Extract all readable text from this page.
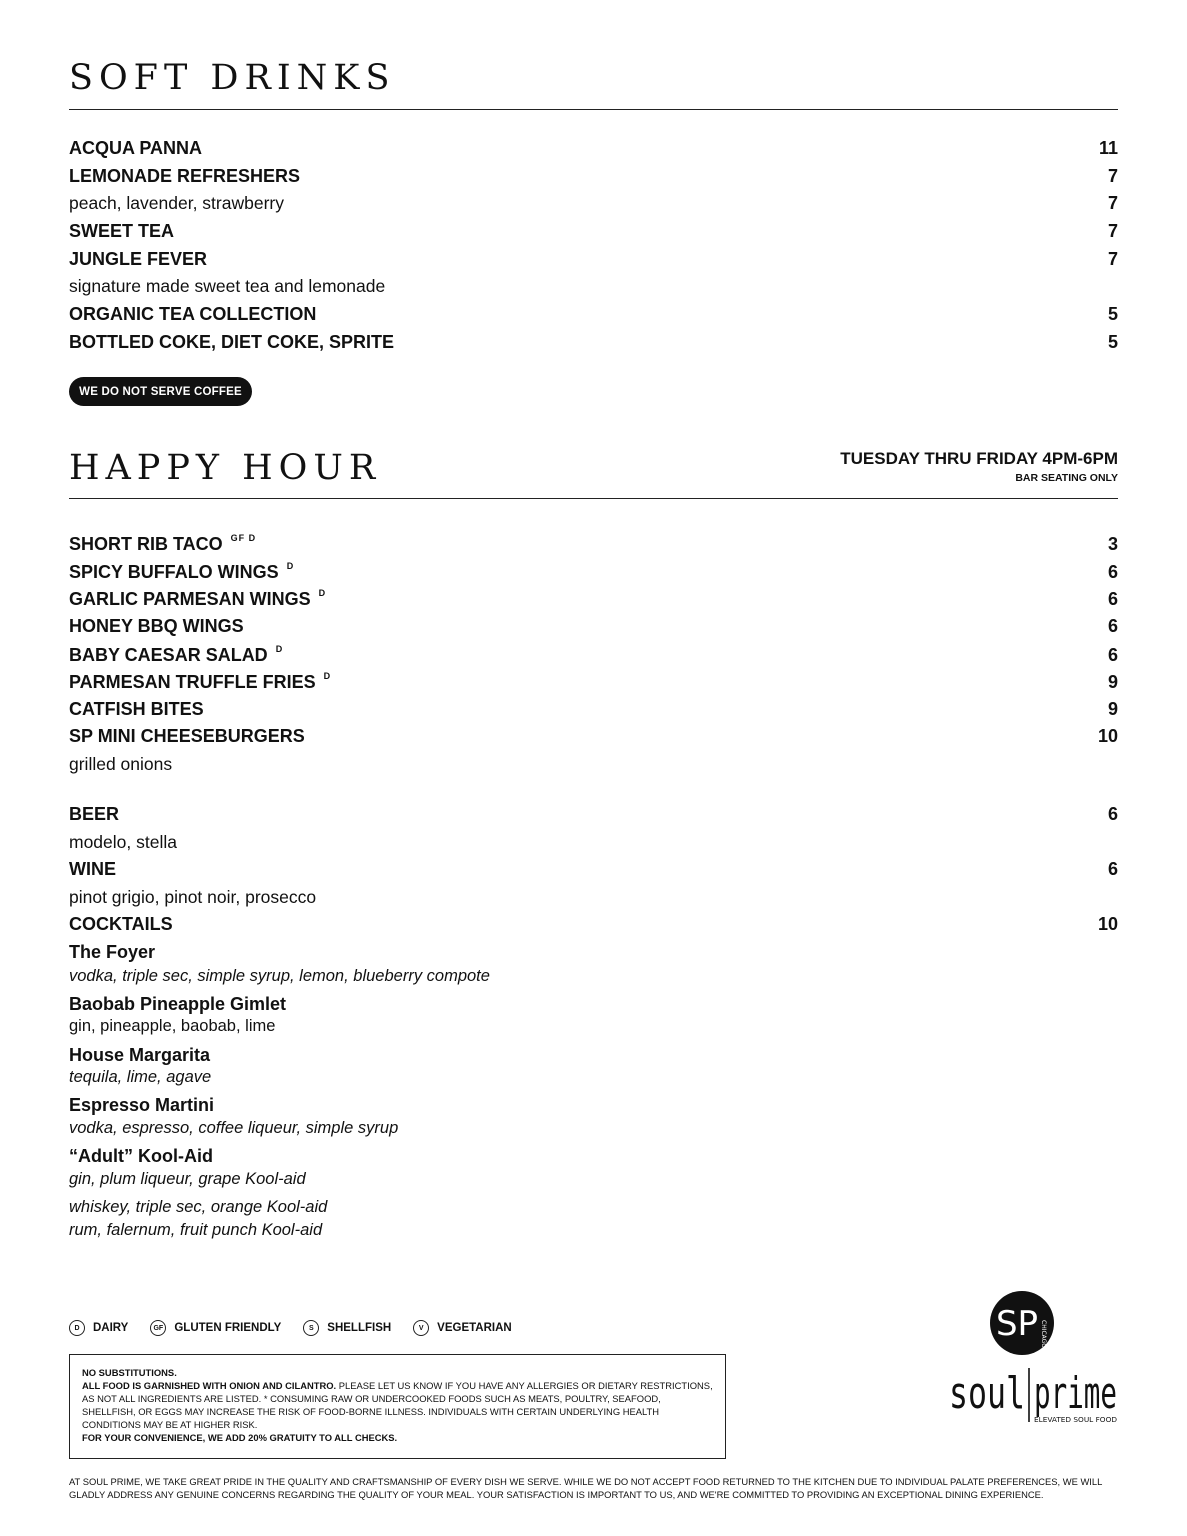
SOFT DRINKS
ACQUA PANNA	11
LEMONADE REFRESHERS	7
peach, lavender, strawberry	7
SWEET TEA	7
JUNGLE FEVER	7
signature made sweet tea and lemonade
ORGANIC TEA COLLECTION	5
BOTTLED COKE, DIET COKE, SPRITE	5
WE DO NOT SERVE COFFEE
HAPPY HOUR	TUESDAY THRU FRIDAY 4PM-6PM
BAR SEATING ONLY
SHORT RIB TACO $^{GF D}$	3
SPICY BUFFALO WINGS $^D$	6
GARLIC PARMESAN WINGS $^D$	6
HONEY BBQ WINGS	6
BABY CAESAR SALAD $^D$	6
PARMESAN TRUFFLE FRIES $^D$	9
CATFISH BITES	9
SP MINI CHEESEBURGERS	10
grilled onions
BEER	6
modelo, stella
WINE	6
pinot grigio, pinot noir, prosecco
COCKTAILS	10
The Foyer
vodka, triple sec, simple syrup, lemon, blueberry compote
Baobab Pineapple Gimlet
gin, pineapple, baobab, lime
House Margarita
tequila, lime, agave
Espresso Martini
vodka, espresso, coffee liqueur, simple syrup
“Adult” Kool-Aid
gin, plum liqueur, grape Kool-aid
whiskey, triple sec, orange Kool-aid
rum, falernum, fruit punch Kool-aid
D	DAIRY	GF GLUTEN FRIENDLY	S	SHELLFISH	V	VEGETARIAN
NO SUBSTITUTIONS.
ALL FOOD IS GARNISHED WITH ONION AND CILANTRO. PLEASE LET US KNOW IF YOU HAVE ANY ALLERGIES OR DIETARY RESTRICTIONS, AS NOT ALL INGREDIENTS ARE LISTED. * CONSUMING RAW OR UNDERCOOKED FOODS SUCH AS MEATS, POULTRY, SEAFOOD, SHELLFISH, OR EGGS MAY INCREASE THE RISK OF FOOD-BORNE ILLNESS. INDIVIDUALS WITH CERTAIN UNDERLYING HEALTH CONDITIONS MAY BE AT HIGHER RISK.
FOR YOUR CONVENIENCE, WE ADD 20% GRATUITY TO ALL CHECKS.
SP CHICAGO
soul prime
ELEVATED SOUL FOOD
AT SOUL PRIME, WE TAKE GREAT PRIDE IN THE QUALITY AND CRAFTSMANSHIP OF EVERY DISH WE SERVE. WHILE WE DO NOT ACCEPT FOOD RETURNED TO THE KITCHEN DUE TO INDIVIDUAL PALATE PREFERENCES, WE WILL GLADLY ADDRESS ANY GENUINE CONCERNS REGARDING THE QUALITY OF YOUR MEAL. YOUR SATISFACTION IS IMPORTANT TO US, AND WE'RE COMMITTED TO PROVIDING AN EXCEPTIONAL DINING EXPERIENCE.
